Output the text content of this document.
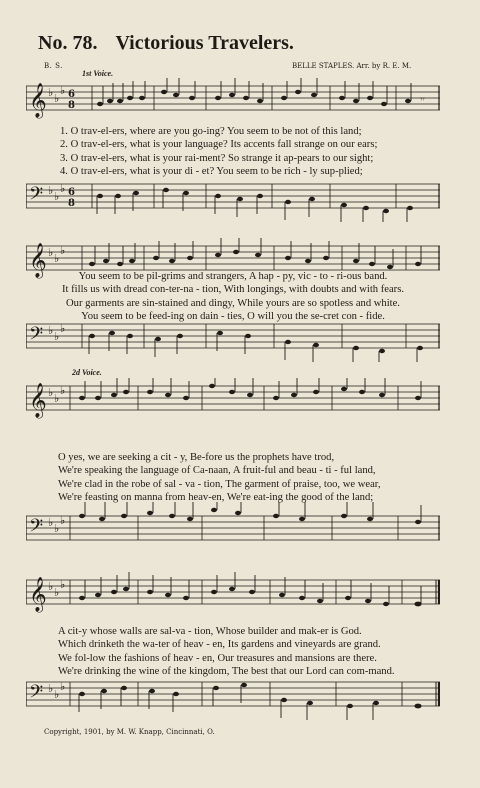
No. 78. Victorious Travelers.
B. S.	BELLE STAPLES. Arr. by R. E. M.
1st Voice.
𝄞 ♭ ♭
♭ 6
8	𝄾𝄾
1. O trav-el-ers, where are you go-ing? You seem to be not of this land;
2. O trav-el-ers, what is your language? Its accents fall strange on our ears;
3. O trav-el-ers, what is your rai-ment? So strange it ap-pears to our sight;
4. O trav-el-ers, what is your di - et? You seem to be rich - ly sup-plied;
𝄢 ♭ ♭
♭ 6
8
𝄞 ♭ ♭
♭
You seem to be pil-grims and strangers, A hap - py, vic - to - ri-ous band.
It fills us with dread con-ter-na - tion, With longings, with doubts and with fears.
Our garments are sin-stained and dingy, While yours are so spotless and white.
You seem to be feed-ing on dain - ties, O will you the se-cret con - fide.
𝄢 ♭ ♭
♭
2d Voice.
𝄞 ♭ ♭
♭
O yes, we are seeking a cit - y, Be-fore us the prophets have trod,
We're speaking the language of Ca-naan, A fruit-ful and beau - ti - ful land,
We're clad in the robe of sal - va - tion, The garment of praise, too, we wear,
We're feasting on manna from heav-en, We're eat-ing the good of the land;
𝄢 ♭ ♭
♭
𝄞 ♭ ♭
♭
A cit-y whose walls are sal-va - tion, Whose builder and mak-er is God.
Which drinketh the wa-ter of heav - en, Its gardens and vineyards are grand.
We fol-low the fashions of heav - en, Our treasures and mansions are there.
We're drinking the wine of the kingdom, The best that our Lord can com-mand.
𝄢 ♭ ♭
♭
Copyright, 1901, by M. W. Knapp, Cincinnati, O.
